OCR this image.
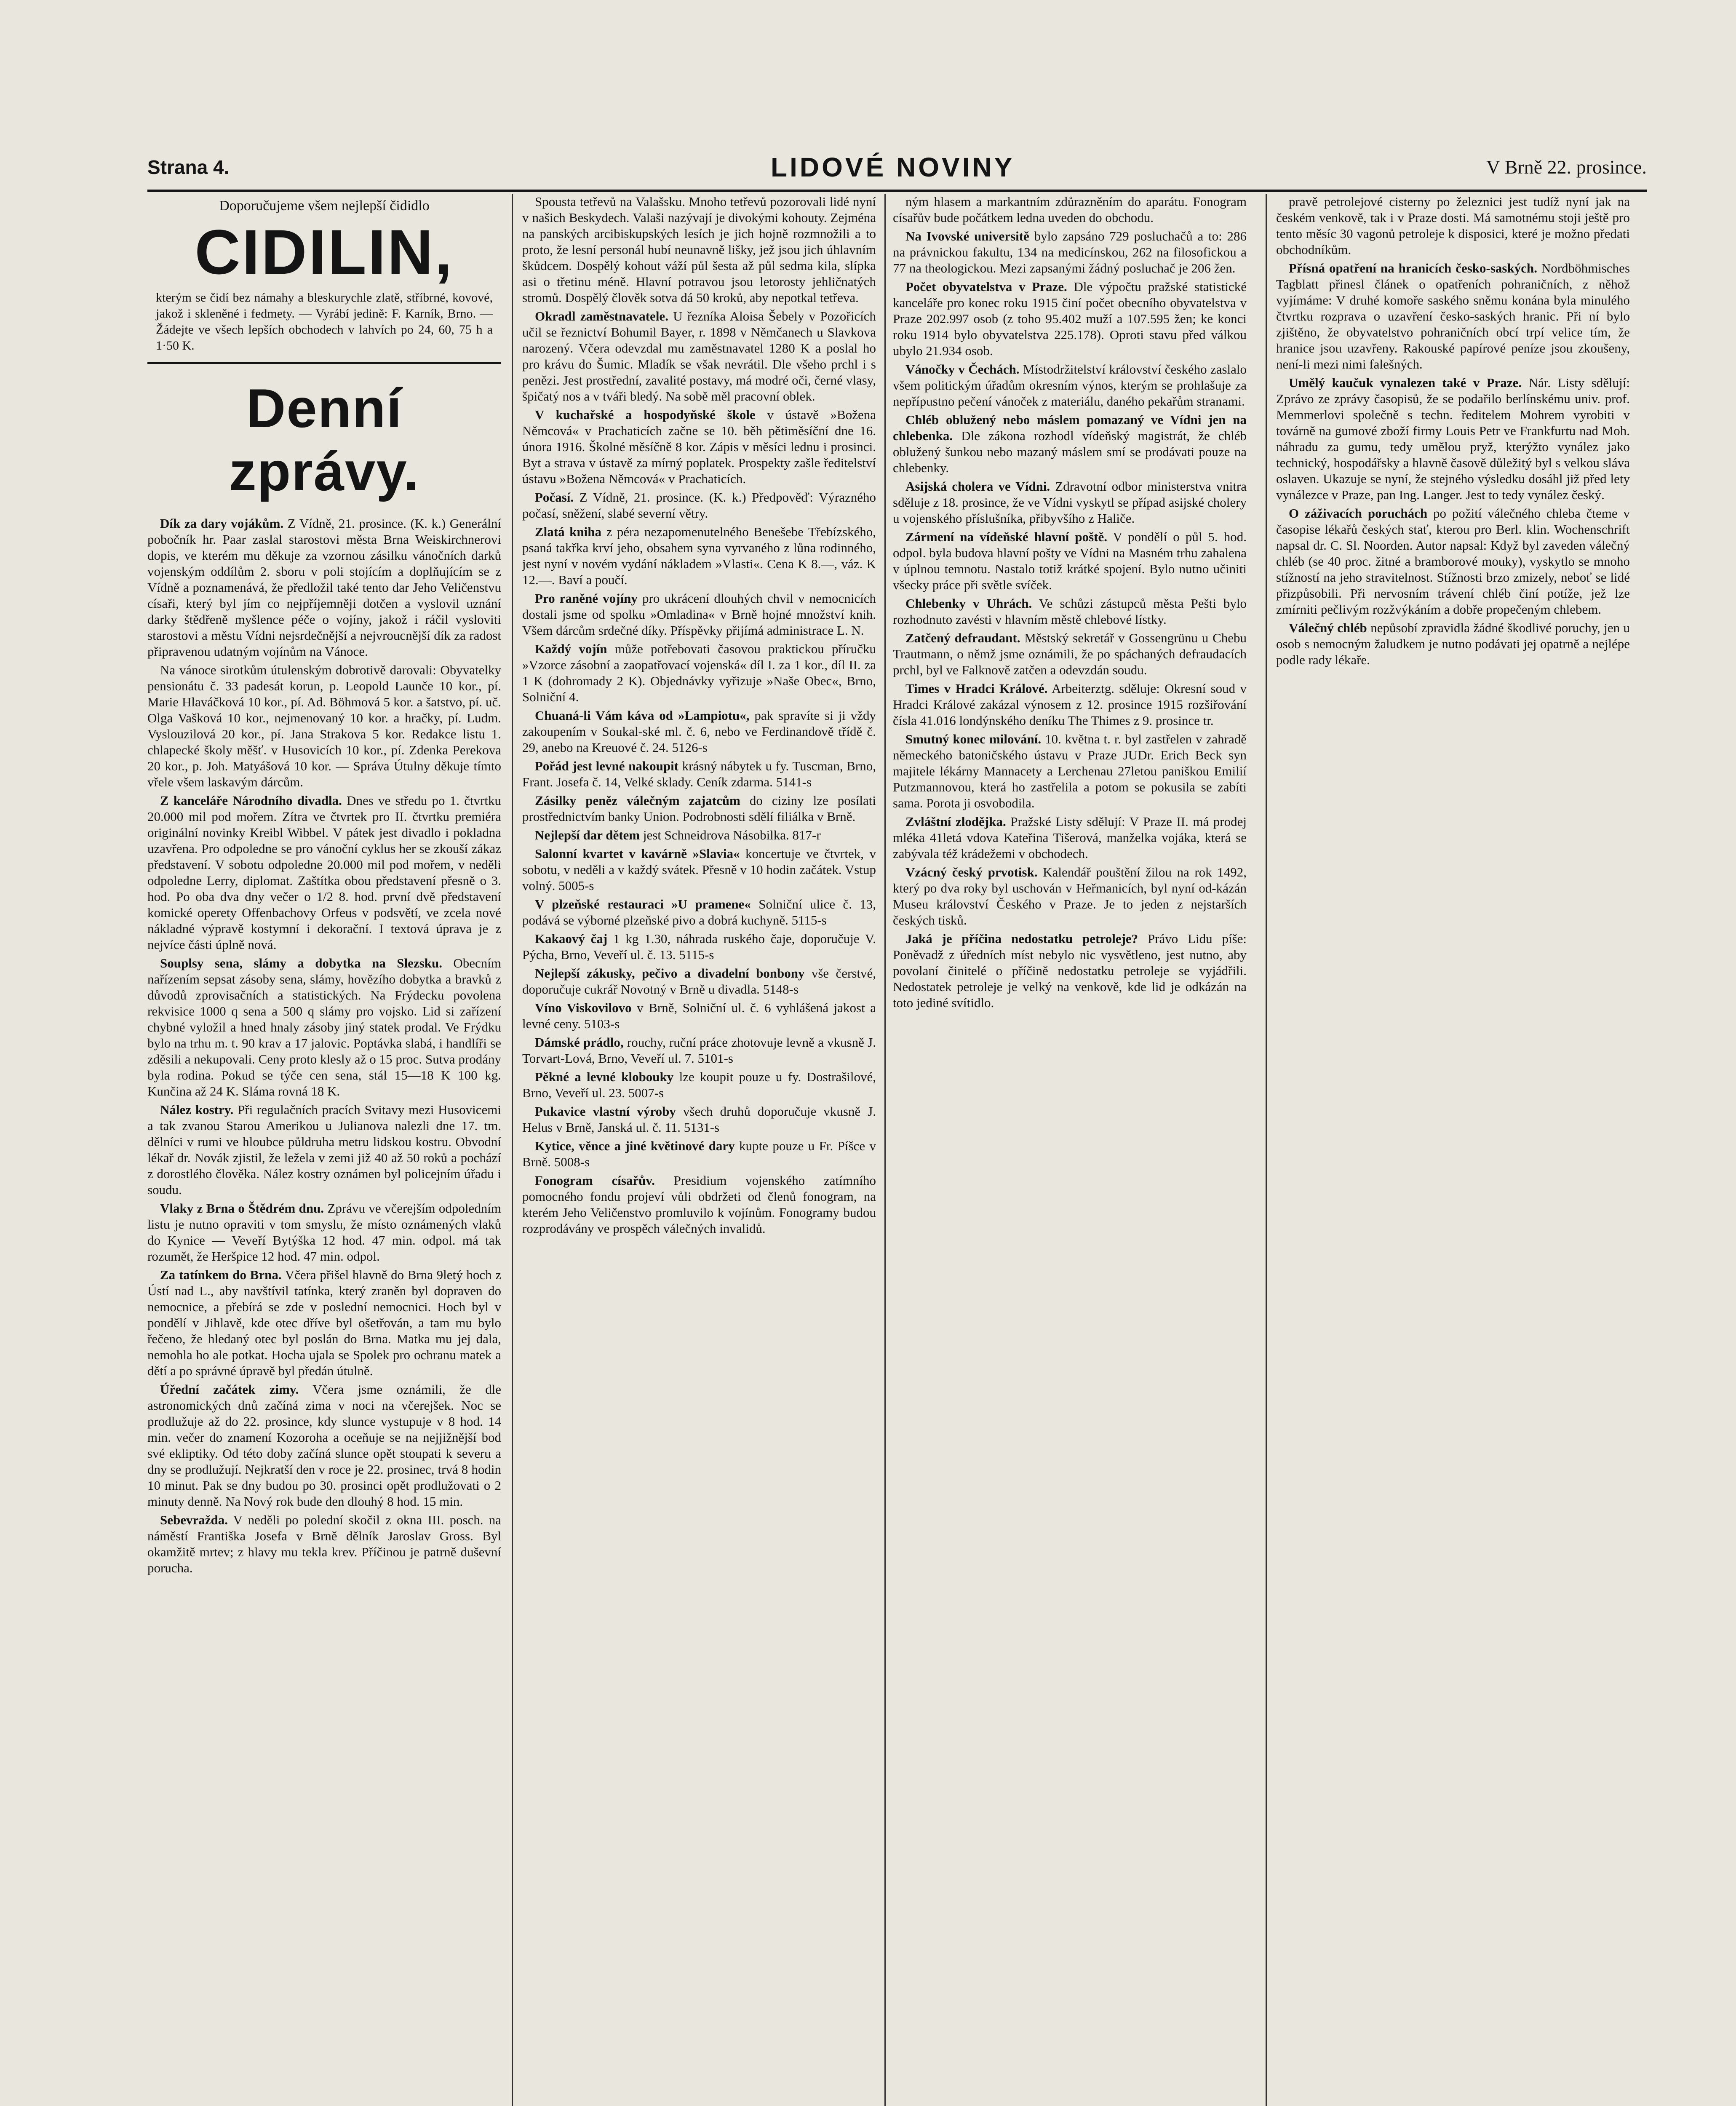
Strana 4.	LIDOVÉ NOVINY	V Brně 22. prosince.
Doporučujeme všem nejlepší čididlo
CIDILIN,
kterým se čidí bez námahy a bleskurychle zlatě, stříbrné, kovové, jakož i skleněné i fedmety. — Vyrábí jedině: F. Karník, Brno. — Žádejte ve všech lepších obchodech v lahvích po 24, 60, 75 h a 1·50 K.
Denní zprávy.

Dík za dary vojákům. Z Vídně, 21. prosince. (K. k.) Generální pobočník hr. Paar zaslal starostovi města Brna Weiskirchnerovi dopis, ve kterém mu děkuje za vzornou zásilku vánočních darků vojenským oddílům 2. sboru v poli stojícím a doplňujícím se z Vídně a poznamenává, že předložil také tento dar Jeho Veličenstvu císaři, který byl jím co nejpříjemněji dotčen a vyslovil uznání darky štědřeně myšlence péče o vojíny, jakož i ráčil vysloviti starostovi a městu Vídni nejsrdečnější a nejvroucnější dík za radost připravenou udatným vojínům na Vánoce.

Na vánoce sirotkům útulenským dobrotivě darovali: Obyvatelky pensionátu č. 33 padesát korun, p. Leopold Launče 10 kor., pí. Marie Hlaváčková 10 kor., pí. Ad. Böhmová 5 kor. a šatstvo, pí. uč. Olga Vašková 10 kor., nejmenovaný 10 kor. a hračky, pí. Ludm. Vyslouzilová 20 kor., pí. Jana Strakova 5 kor. Redakce listu 1. chlapecké školy měšť. v Husovicích 10 kor., pí. Zdenka Perekova 20 kor., p. Joh. Matyášová 10 kor. — Správa Útulny děkuje tímto vřele všem laskavým dárcům.

Z kanceláře Národního divadla. Dnes ve středu po 1. čtvrtku 20.000 mil pod mořem. Zítra ve čtvrtek pro II. čtvrtku premiéra originální novinky Kreibl Wibbel. V pátek jest divadlo i pokladna uzavřena. Pro odpoledne se pro vánoční cyklus her se zkouší zákaz představení. V sobotu odpoledne 20.000 mil pod mořem, v neděli odpoledne Lerry, diplomat. Zaštítka obou představení přesně o 3. hod. Po oba dva dny večer o 1/2 8. hod. první dvě představení komické operety Offenbachovy Orfeus v podsvětí, ve zcela nové nákladné výpravě kostymní i dekorační. I textová úprava je z nejvíce části úplně nová.

Souplsy sena, slámy a dobytka na Slezsku. Obecním nařízením sepsat zásoby sena, slámy, hovězího dobytka a bravků z důvodů zprovisačních a statistických. Na Frýdecku povolena rekvisice 1000 q sena a 500 q slámy pro vojsko. Lid si zařízení chybné vyložil a hned hnaly zásoby jiný statek prodal. Ve Frýdku bylo na trhu m. t. 90 krav a 17 jalovic. Poptávka slabá, i handlíři se zděsili a nekupovali. Ceny proto klesly až o 15 proc. Sutva prodány byla rodina. Pokud se týče cen sena, stál 15—18 K 100 kg. Kunčina až 24 K. Sláma rovná 18 K.

Nález kostry. Při regulačních pracích Svitavy mezi Husovicemi a tak zvanou Starou Amerikou u Julianova nalezli dne 17. tm. dělníci v rumi ve hloubce půldruha metru lidskou kostru. Obvodní lékař dr. Novák zjistil, že ležela v zemi již 40 až 50 roků a pochází z dorostlého člověka. Nález kostry oznámen byl policejním úřadu i soudu.

Vlaky z Brna o Štědrém dnu. Zprávu ve včerejším odpoledním listu je nutno opraviti v tom smyslu, že místo oznámených vlaků do Kynice — Veveří Bytýška 12 hod. 47 min. odpol. má tak rozumět, že Heršpice 12 hod. 47 min. odpol.

Za tatínkem do Brna. Včera přišel hlavně do Brna 9letý hoch z Ústí nad L., aby navštívil tatínka, který zraněn byl dopraven do nemocnice, a přebírá se zde v poslední nemocnici. Hoch byl v pondělí v Jihlavě, kde otec dříve byl ošetřován, a tam mu bylo řečeno, že hledaný otec byl poslán do Brna. Matka mu jej dala, nemohla ho ale potkat. Hocha ujala se Spolek pro ochranu matek a dětí a po správné úpravě byl předán útulně.

Úřední začátek zimy. Včera jsme oznámili, že dle astronomických dnů začíná zima v noci na včerejšek. Noc se prodlužuje až do 22. prosince, kdy slunce vystupuje v 8 hod. 14 min. večer do znamení Kozoroha a oceňuje se na nejjižnější bod své ekliptiky. Od této doby začíná slunce opět stoupati k severu a dny se prodlužují. Nejkratší den v roce je 22. prosinec, trvá 8 hodin 10 minut. Pak se dny budou po 30. prosinci opět prodlužovati o 2 minuty denně. Na Nový rok bude den dlouhý 8 hod. 15 min.

Sebevražda. V neděli po polední skočil z okna III. posch. na náměstí Františka Josefa v Brně dělník Jaroslav Gross. Byl okamžitě mrtev; z hlavy mu tekla krev. Příčinou je patrně duševní porucha.

Spousta tetřevů na Valašsku. Mnoho tetřevů pozorovali lidé nyní v našich Beskydech. Valaši nazývají je divokými kohouty. Zejména na panských arcibiskupských lesích je jich hojně rozmnožili a to proto, že lesní personál hubí neunavně lišky, jež jsou jich úhlavním škůdcem. Dospělý kohout váží půl šesta až půl sedma kila, slípka asi o třetinu méně. Hlavní potravou jsou letorosty jehličnatých stromů. Dospělý člověk sotva dá 50 kroků, aby nepotkal tetřeva.

Okradl zaměstnavatele. U řezníka Aloisa Šebely v Pozořicích učil se řeznictví Bohumil Bayer, r. 1898 v Němčanech u Slavkova narozený. Včera odevzdal mu zaměstnavatel 1280 K a poslal ho pro krávu do Šumic. Mladík se však nevrátil. Dle všeho prchl i s penězi. Jest prostřední, zavalité postavy, má modré oči, černé vlasy, špičatý nos a v tváři bledý. Na sobě měl pracovní oblek.

V kuchařské a hospodyňské škole v ústavě »Božena Němcová« v Prachaticích začne se 10. běh pětiměsíční dne 16. února 1916. Školné měsíčně 8 kor. Zápis v měsíci lednu i prosinci. Byt a strava v ústavě za mírný poplatek. Prospekty zašle ředitelství ústavu »Božena Němcová« v Prachaticích.

Počasí. Z Vídně, 21. prosince. (K. k.) Předpověď: Výrazného počasí, sněžení, slabé severní větry.

Zlatá kniha z péra nezapomenutelného Benešebe Třebízského, psaná takřka krví jeho, obsahem syna vyrvaného z lůna rodinného, jest nyní v novém vydání nákladem »Vlasti«. Cena K 8.—, váz. K 12.—. Baví a poučí.

Pro raněné vojíny pro ukrácení dlouhých chvil v nemocnicích dostali jsme od spolku »Omladina« v Brně hojné množství knih. Všem dárcům srdečné díky. Příspěvky přijímá administrace L. N.

Každý vojín může potřebovati časovou praktickou příručku »Vzorce zásobní a zaopatřovací vojenská« díl I. za 1 kor., díl II. za 1 K (dohromady 2 K). Objednávky vyřizuje »Naše Obec«, Brno, Solniční 4.

Chuaná-li Vám káva od »Lampiotu«, pak spravíte si ji vždy zakoupením v Soukal-ské ml. č. 6, nebo ve Ferdinandově třídě č. 29, anebo na Kreuové č. 24. 5126-s

Pořád jest levné nakoupit krásný nábytek u fy. Tuscman, Brno, Frant. Josefa č. 14, Velké sklady. Ceník zdarma. 5141-s

Zásilky peněz válečným zajatcům do ciziny lze posílati prostřednictvím banky Union. Podrobnosti sdělí filiálka v Brně.

Nejlepší dar dětem jest Schneidrova Násobilka. 817-r

Salonní kvartet v kavárně »Slavia« koncertuje ve čtvrtek, v sobotu, v neděli a v každý svátek. Přesně v 10 hodin začátek. Vstup volný. 5005-s

V plzeňské restauraci »U pramene« Solniční ulice č. 13, podává se výborné plzeňské pivo a dobrá kuchyně. 5115-s

Kakaový čaj 1 kg 1.30, náhrada ruského čaje, doporučuje V. Pýcha, Brno, Veveří ul. č. 13. 5115-s

Nejlepší zákusky, pečivo a divadelní bonbony vše čerstvé, doporučuje cukrář Novotný v Brně u divadla. 5148-s

Víno Viskovilovo v Brně, Solniční ul. č. 6 vyhlášená jakost a levné ceny. 5103-s

Dámské prádlo, rouchy, ruční práce zhotovuje levně a vkusně J. Torvart-Lová, Brno, Veveří ul. 7. 5101-s

Pěkné a levné klobouky lze koupit pouze u fy. Dostrašilové, Brno, Veveří ul. 23. 5007-s

Pukavice vlastní výroby všech druhů doporučuje vkusně J. Helus v Brně, Janská ul. č. 11. 5131-s

Kytice, věnce a jiné květinové dary kupte pouze u Fr. Píšce v Brně. 5008-s

Fonogram císařův. Presidium vojenského zatímního pomocného fondu projeví vůli obdržeti od členů fonogram, na kterém Jeho Veličenstvo promluvilo k vojínům. Fonogramy budou rozprodávány ve prospěch válečných invalidů.

ným hlasem a markantním zdůrazněním do aparátu. Fonogram císařův bude počátkem ledna uveden do obchodu.

Na Ivovské universitě bylo zapsáno 729 posluchačů a to: 286 na právnickou fakultu, 134 na medicínskou, 262 na filosofickou a 77 na theologickou. Mezi zapsanými žádný posluchač je 206 žen.

Počet obyvatelstva v Praze. Dle výpočtu pražské statistické kanceláře pro konec roku 1915 činí počet obecního obyvatelstva v Praze 202.997 osob (z toho 95.402 muží a 107.595 žen; ke konci roku 1914 bylo obyvatelstva 225.178). Oproti stavu před válkou ubylo 21.934 osob.

Vánočky v Čechách. Místodržitelství království českého zaslalo všem politickým úřadům okresním výnos, kterým se prohlašuje za nepřípustno pečení vánoček z materiálu, daného pekařům stranami.

Chléb oblužený nebo máslem pomazaný ve Vídni jen na chlebenka. Dle zákona rozhodl vídeňský magistrát, že chléb oblužený šunkou nebo mazaný máslem smí se prodávati pouze na chlebenky.

Asijská cholera ve Vídni. Zdravotní odbor ministerstva vnitra sděluje z 18. prosince, že ve Vídni vyskytl se případ asijské cholery u vojenského příslušníka, přibyvšího z Haliče.

Zármení na vídeňské hlavní poště. V pondělí o půl 5. hod. odpol. byla budova hlavní pošty ve Vídni na Masném trhu zahalena v úplnou temnotu. Nastalo totiž krátké spojení. Bylo nutno učiniti všecky práce při světle svíček.

Chlebenky v Uhrách. Ve schůzi zástupců města Pešti bylo rozhodnuto zavésti v hlavním městě chlebové lístky.

Zatčený defraudant. Městský sekretář v Gossengrünu u Chebu Trautmann, o němž jsme oznámili, že po spáchaných defraudacích prchl, byl ve Falknově zatčen a odevzdán soudu.

Times v Hradci Králové. Arbeiterztg. sděluje: Okresní soud v Hradci Králové zakázal výnosem z 12. prosince 1915 rozšiřování čísla 41.016 londýnského deníku The Thimes z 9. prosince tr.

Smutný konec milování. 10. května t. r. byl zastřelen v zahradě německého batoničského ústavu v Praze JUDr. Erich Beck syn majitele lékárny Mannacety a Lerchenau 27letou paniškou Emilií Putzmannovou, která ho zastřelila a potom se pokusila se zabíti sama. Porota ji osvobodila.

Zvláštní zlodějka. Pražské Listy sdělují: V Praze II. má prodej mléka 41letá vdova Kateřina Tišerová, manželka vojáka, která se zabývala též krádežemi v obchodech.

Vzácný český prvotisk. Kalendář pouštění žilou na rok 1492, který po dva roky byl uschován v Heřmanicích, byl nyní od-kázán Museu království Českého v Praze. Je to jeden z nejstarších českých tisků.

Jaká je příčina nedostatku petroleje? Právo Lidu píše: Poněvadž z úředních míst nebylo nic vysvětleno, jest nutno, aby povolaní činitelé o příčině nedostatku petroleje se vyjádřili. Nedostatek petroleje je velký na venkově, kde lid je odkázán na toto jediné svítidlo.

pravě petrolejové cisterny po železnici jest tudíž nyní jak na českém venkově, tak i v Praze dosti. Má samotnému stoji ještě pro tento měsíc 30 vagonů petroleje k disposici, které je možno předati obchodníkům.

Přísná opatření na hranicích česko-saských. Nordböhmisches Tagblatt přinesl článek o opatřeních pohraničních, z něhož vyjímáme: V druhé komoře saského sněmu konána byla minulého čtvrtku rozprava o uzavření česko-saských hranic. Při ní bylo zjištěno, že obyvatelstvo pohraničních obcí trpí velice tím, že hranice jsou uzavřeny. Rakouské papírové peníze jsou zkoušeny, není-li mezi nimi falešných.

Umělý kaučuk vynalezen také v Praze. Nár. Listy sdělují: Zprávo ze zprávy časopisů, že se podařilo berlínskému univ. prof. Memmerlovi společně s techn. ředitelem Mohrem vyrobiti v továrně na gumové zboží firmy Louis Petr ve Frankfurtu nad Moh. náhradu za gumu, tedy umělou pryž, kterýžto vynález jako technický, hospodářsky a hlavně časově důležitý byl s velkou sláva oslaven. Ukazuje se nyní, že stejného výsledku dosáhl již před lety vynálezce v Praze, pan Ing. Langer. Jest to tedy vynález český.

O záživacích poruchách po požití válečného chleba čteme v časopise lékařů českých stať, kterou pro Berl. klin. Wochenschrift napsal dr. C. Sl. Noorden. Autor napsal: Když byl zaveden válečný chléb (se 40 proc. žitné a bramborové mouky), vyskytlo se mnoho stížností na jeho stravitelnost. Stížnosti brzo zmizely, neboť se lidé přizpůsobili. Při nervosním trávení chléb činí potíže, jež lze zmírniti pečlivým rozžvýkáním a dobře propečeným chlebem.

Válečný chléb nepůsobí zpravidla žádné škodlivé poruchy, jen u osob s nemocným žaludkem je nutno podávati jej opatrně a nejlépe podle rady lékaře.
